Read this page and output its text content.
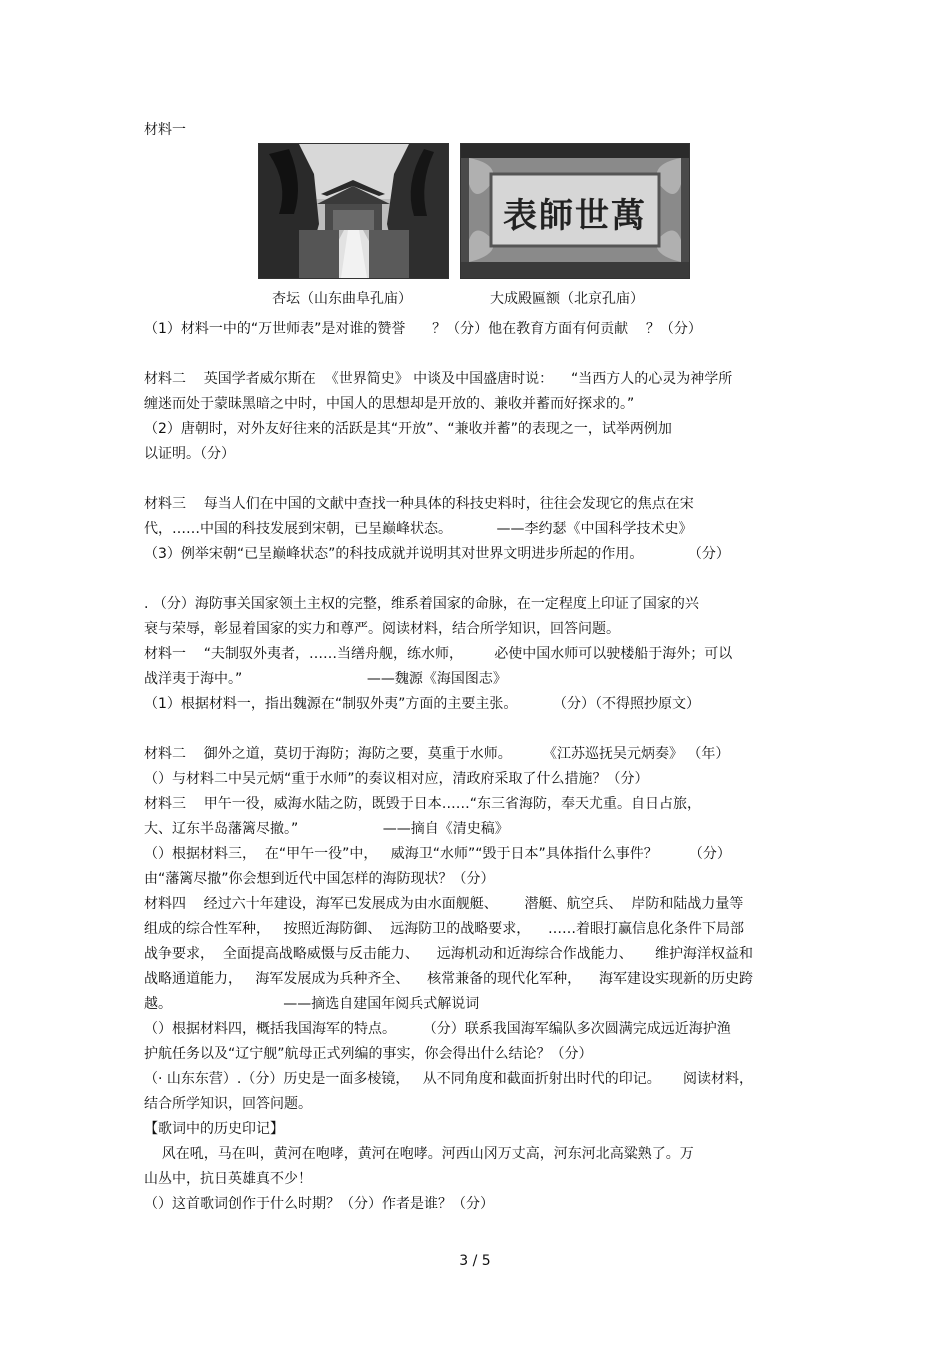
材料一
萬世師表
杏坛（山东曲阜孔庙）	大成殿匾额（北京孔庙）
（1）材料一中的“万世师表”是对谁的赞誉      ？（分）他在教育方面有何贡献    ？（分）
材料二    英国学者威尔斯在  《世界简史》 中谈及中国盛唐时说：    “当西方人的心灵为神学所
缠迷而处于蒙昧黑暗之中时，中国人的思想却是开放的、兼收并蓄而好探求的。”
（2）唐朝时，对外友好往来的活跃是其“开放”、“兼收并蓄”的表现之一，试举两例加
以证明。（分）
材料三    每当人们在中国的文献中查找一种具体的科技史料时，往往会发现它的焦点在宋
代，……中国的科技发展到宋朝，已呈巅峰状态。          ——李约瑟《中国科学技术史》
（3）例举宋朝“已呈巅峰状态”的科技成就并说明其对世界文明进步所起的作用。          （分）
. （分）海防事关国家领土主权的完整，维系着国家的命脉，在一定程度上印证了国家的兴
衰与荣辱，彰显着国家的实力和尊严。阅读材料，结合所学知识，回答问题。
材料一    “夫制驭外夷者，……当缮舟舰，练水师，       必使中国水师可以驶楼船于海外；可以
战洋夷于海中。”                            ——魏源《海国图志》
（1）根据材料一，指出魏源在“制驭外夷”方面的主要主张。        （分）（不得照抄原文）
材料二    御外之道，莫切于海防；海防之要，莫重于水师。       《江苏巡抚吴元炳奏》 （年）
（）与材料二中吴元炳“重于水师”的奏议相对应，清政府采取了什么措施？（分）
材料三    甲午一役，威海水陆之防，既毁于日本……“东三省海防，奉天尤重。自日占旅，
大、辽东半岛藩篱尽撤。”                   ——摘自《清史稿》
（）根据材料三，  在“甲午一役”中，   威海卫“水师”“毁于日本”具体指什么事件？       （分）
由“藩篱尽撤”你会想到近代中国怎样的海防现状？（分）
材料四    经过六十年建设，海军已发展成为由水面舰艇、      潜艇、航空兵、  岸防和陆战力量等
组成的综合性军种，   按照近海防御、  远海防卫的战略要求，    ……着眼打赢信息化条件下局部
战争要求，  全面提高战略威慑与反击能力、    远海机动和近海综合作战能力、     维护海洋权益和
战略通道能力，   海军发展成为兵种齐全、    核常兼备的现代化军种，    海军建设实现新的历史跨
越。                         ——摘选自建国年阅兵式解说词
（）根据材料四，概括我国海军的特点。      （分）联系我国海军编队多次圆满完成远近海护渔
护航任务以及“辽宁舰”航母正式列编的事实，你会得出什么结论？（分）
（· 山东东营）.（分）历史是一面多棱镜，   从不同角度和截面折射出时代的印记。     阅读材料，
结合所学知识，回答问题。
【歌词中的历史印记】
风在吼，马在叫，黄河在咆哮，黄河在咆哮。河西山冈万丈高，河东河北高粱熟了。万
山丛中，抗日英雄真不少！
（）这首歌词创作于什么时期？（分）作者是谁？（分）
3 / 5
